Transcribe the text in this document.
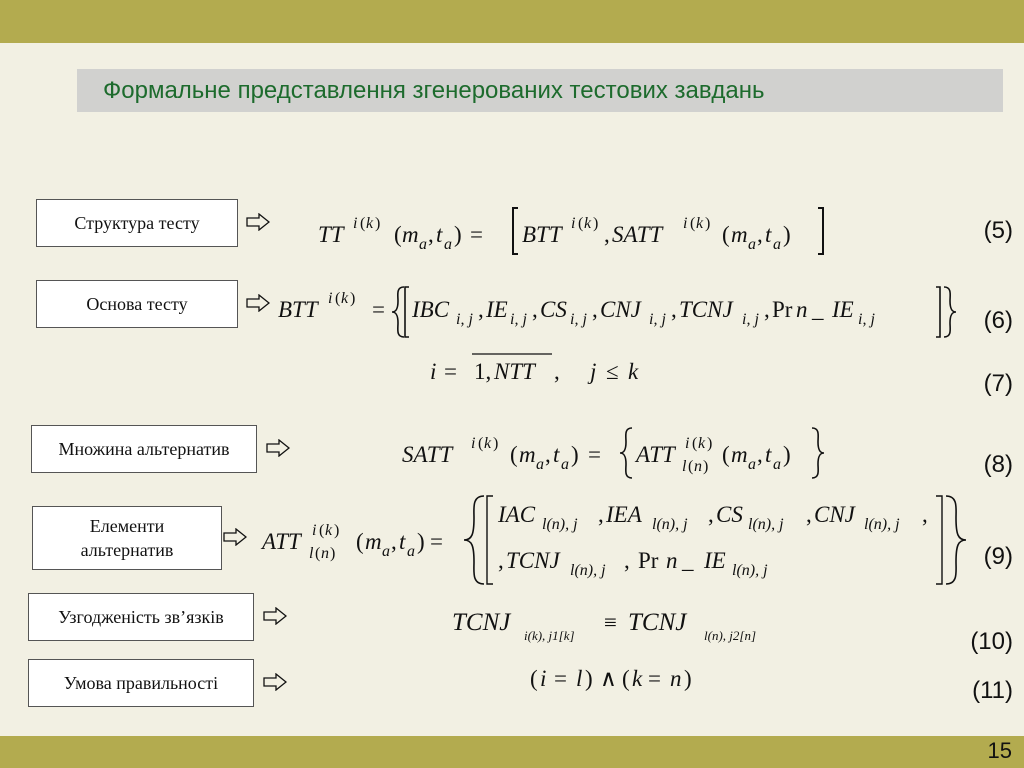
Формальне представлення згенерованих тестових завдань
Структура тесту
Основа тесту
Множина альтернатив
Елементи
альтернатив
Узгодженість зв’язків
Умова правильності
TT i ( k ) ( m a , t a ) = BTT i ( k ) , SATT i ( k ) ( m a , t a )
BTT i ( k ) = IBC i, j , IE i, j , CS i, j , CNJ i, j , TCNJ i, j , Pr n _ IE i, j
i = 1, NTT , j ≤ k
SATT i ( k ) ( m a , t a ) = ATT i ( k )
l ( n ) ( m a , t a )
ATT i ( k )
l ( n ) ( m a , t a ) =
IAC l(n), j , IEA l(n), j , CS l(n), j , CNJ l(n), j ,
, TCNJ l(n), j , Pr n _ IE l(n), j
TCNJ i(k), j1[k]
≡ TCNJ l(n), j2[n]
( i = l ) ∧ ( k = n )
(5)
(6)
(7)
(8)
(9)
(10)
(11)
15
